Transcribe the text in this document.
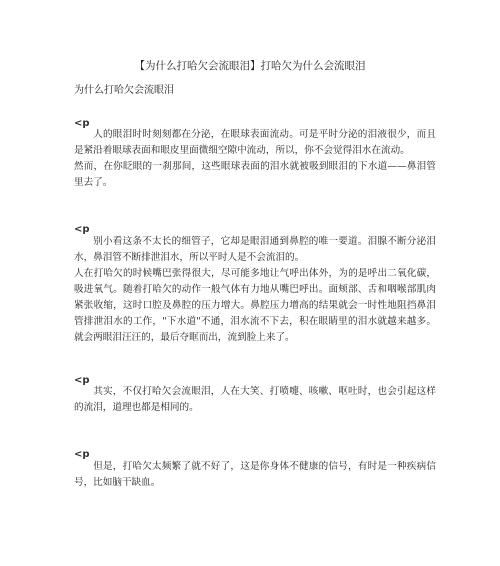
【为什么打哈欠会流眼泪】打哈欠为什么会流眼泪
为什么打哈欠会流眼泪
<p

人的眼泪时时刻刻都在分泌，在眼球表面流动。可是平时分泌的泪液很少，而且是紧沿着眼球表面和眼皮里面微细空隙中流动，所以，你不会觉得泪水在流动。

然而，在你眨眼的一刹那间，这些眼球表面的泪水就被吸到眼泪的下水道——鼻泪管里去了。

<p

别小看这条不太长的细管子，它却是眼泪通到鼻腔的唯一要道。泪腺不断分泌泪水，鼻泪管不断排泄泪水，所以平时人是不会流泪的。

人在打哈欠的时候嘴巴张得很大，尽可能多地让气呼出体外，为的是呼出二氧化碳，吸进氧气。随着打哈欠的动作一般气体有力地从嘴巴呼出。面颊部、舌和咽喉部肌肉紧张收缩，这时口腔及鼻腔的压力增大。鼻腔压力增高的结果就会一时性地阻挡鼻泪管排泄泪水的工作，"下水道"不通，泪水流不下去，积在眼睛里的泪水就越来越多。就会两眼泪汪汪的，最后夺眶而出，流到脸上来了。

<p

其实，不仅打哈欠会流眼泪，人在大笑、打喷嚏、咳嗽、呕吐时，也会引起这样的流泪，道理也都是相同的。

<p

但是，打哈欠太频繁了就不好了，这是你身体不健康的信号，有时是一种疾病信号，比如脑干缺血。
